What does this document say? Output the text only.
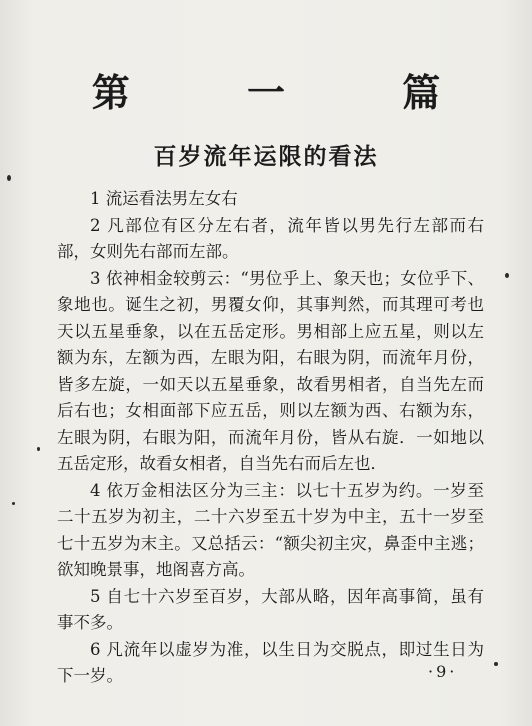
第 一 篇
百岁流年运限的看法

1 流运看法男左女右

2 凡部位有区分左右者，流年皆以男先行左部而右部，女则先右部而左部。

3 依神相金较剪云：“男位乎上、象天也；女位乎下、象地也。诞生之初，男覆女仰，其事判然，而其理可考也天以五星垂象，以在五岳定形。男相部上应五星，则以左额为东，左额为西，左眼为阳，右眼为阴，而流年月份，皆多左旋，一如天以五星垂象，故看男相者，自当先左而后右也；女相面部下应五岳，则以左额为西、右额为东，左眼为阴，右眼为阳，而流年月份，皆从右旋．一如地以五岳定形，故看女相者，自当先右而后左也．

4 依万金相法区分为三主：以七十五岁为约。一岁至二十五岁为初主，二十六岁至五十岁为中主，五十一岁至七十五岁为末主。又总括云：“额尖初主灾，鼻歪中主逃；欲知晚景事，地阁喜方高。

5 自七十六岁至百岁，大部从略，因年高事简，虽有事不多。

6 凡流年以虚岁为准，以生日为交脱点，即过生日为下一岁。	·9·
